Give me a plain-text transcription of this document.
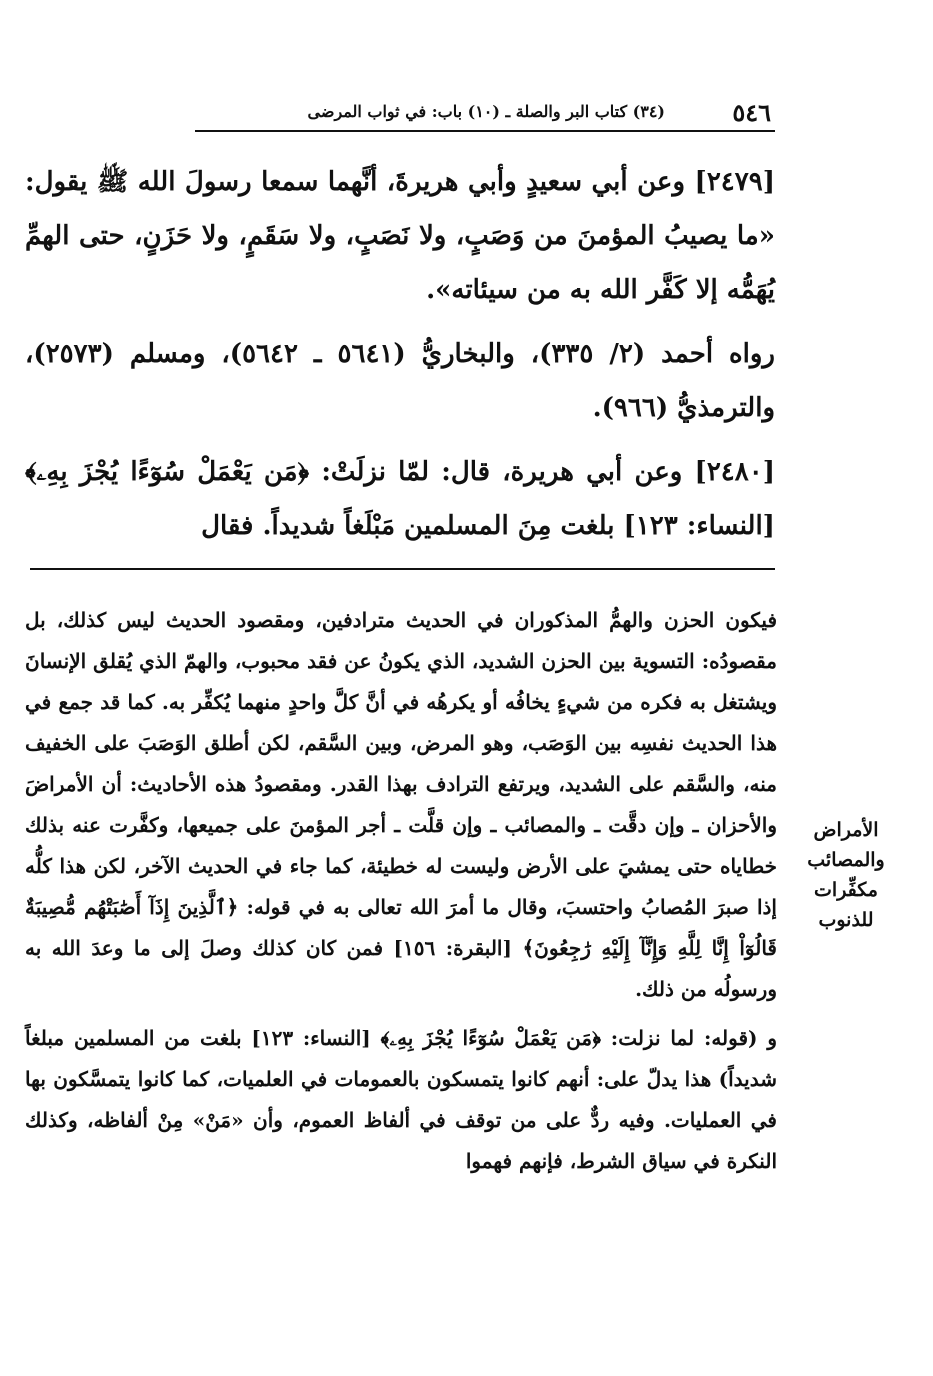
٥٤٦
(٣٤) كتاب البر والصلة ـ (١٠) باب: في ثواب المرضى

[٢٤٧٩] وعن أبي سعيدٍ وأبي هريرةَ، أنَّهما سمعا رسولَ الله ﷺ يقول: «ما يصيبُ المؤمنَ من وَصَبٍ، ولا نَصَبٍ، ولا سَقَمٍ، ولا حَزَنٍ، حتى الهمِّ يُهَمُّه إلا كَفَّر الله به من سيئاته».

رواه أحمد (٢/ ٣٣٥)، والبخاريُّ (٥٦٤١ ـ ٥٦٤٢)، ومسلم (٢٥٧٣)، والترمذيُّ (٩٦٦).

[٢٤٨٠] وعن أبي هريرة، قال: لمّا نزلَتْ: ﴿مَن يَعْمَلْ سُوٓءًا يُجْزَ بِهِۦ﴾ [النساء: ١٢٣] بلغت مِنَ المسلمين مَبْلَغاً شديداً. فقال

فيكون الحزن والهمُّ المذكوران في الحديث مترادفين، ومقصود الحديث ليس كذلك، بل مقصودُه: التسوية بين الحزن الشديد، الذي يكونُ عن فقد محبوب، والهمّ الذي يُقلق الإنسانَ ويشتغل به فكره من شيءٍ يخافُه أو يكرهُه في أنَّ كلَّ واحدٍ منهما يُكفِّر به. كما قد جمع في هذا الحديث نفسِه بين الوَصَب، وهو المرض، وبين السَّقم، لكن أطلق الوَصَبَ على الخفيف منه، والسَّقم على الشديد، ويرتفع الترادف بهذا القدر. ومقصودُ هذه الأحاديث: أن الأمراضَ والأحزان ـ وإن دقَّت ـ والمصائب ـ وإن قلَّت ـ أجر المؤمنَ على جميعها، وكفَّرت عنه بذلك خطاياه حتى يمشيَ على الأرض وليست له خطيئة، كما جاء في الحديث الآخر، لكن هذا كلُّه إذا صبرَ المُصابُ واحتسبَ، وقال ما أمرَ الله تعالى به في قوله: ﴿ٱلَّذِينَ إِذَآ أَصَٰبَتْهُم مُّصِيبَةٌ قَالُوٓاْ إِنَّا لِلَّهِ وَإِنَّآ إِلَيْهِ رَٰجِعُونَ﴾ [البقرة: ١٥٦] فمن كان كذلك وصلَ إلى ما وعدَ الله به ورسولُه من ذلك.

و (قوله: لما نزلت: ﴿مَن يَعْمَلْ سُوٓءًا يُجْزَ بِهِۦ﴾ [النساء: ١٢٣] بلغت من المسلمين مبلغاً شديداً) هذا يدلّ على: أنهم كانوا يتمسكون بالعمومات في العلميات، كما كانوا يتمسَّكون بها في العمليات. وفيه ردٌّ على من توقف في ألفاظ العموم، وأن «مَنْ» مِنْ ألفاظه، وكذلك النكرة في سياق الشرط، فإنهم فهموا

الأمراض
والمصائب
مكفِّرات
للذنوب
